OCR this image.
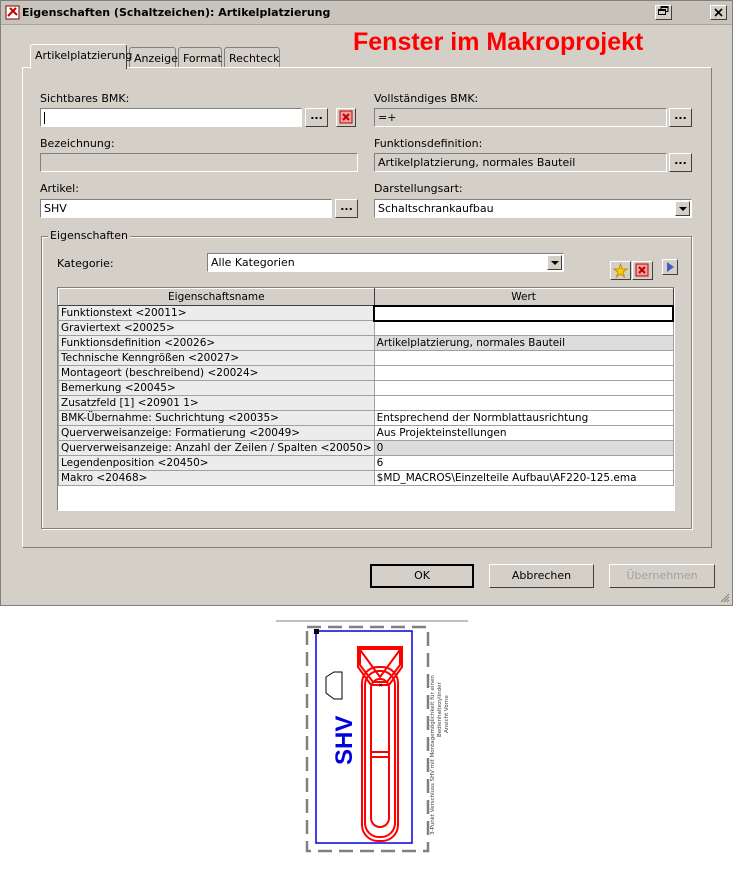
Eigenschaften (Schaltzeichen): Artikelplatzierung
Fenster im Makroprojekt
Artikelplatzierung Anzeige Format Rechteck
Sichtbares BMK:
...
Bezeichnung:
Artikel:
SHV	...
Vollständiges BMK:
=+	...
Funktionsdefinition:
Artikelplatzierung, normales Bauteil	...
Darstellungsart:
Schaltschrankaufbau
Eigenschaften
Kategorie:	Alle Kategorien
Eigenschaftsname	Wert
Funktionstext <20011>	
Graviertext <20025>	
Funktionsdefinition <20026>	Artikelplatzierung, normales Bauteil
Technische Kenngrößen <20027>	
Montageort (beschreibend) <20024>	
Bemerkung <20045>	
Zusatzfeld [1] <20901 1>	
BMK-Übernahme: Suchrichtung <20035>	Entsprechend der Normblattausrichtung
Querverweisanzeige: Formatierung <20049>	Aus Projekteinstellungen
Querverweisanzeige: Anzahl der Zeilen / Spalten <20050>	0
Legendenposition <20450>	6
Makro <20468>	$MD_MACROS\Einzelteile Aufbau\AF220-125.ema
OK	Abbrechen	Übernehmen
SHV
×	3-Punkt Verschluss SHV mit Montagemöglichkeit für einen Bedienhaltezylinder Ansicht Vorne
